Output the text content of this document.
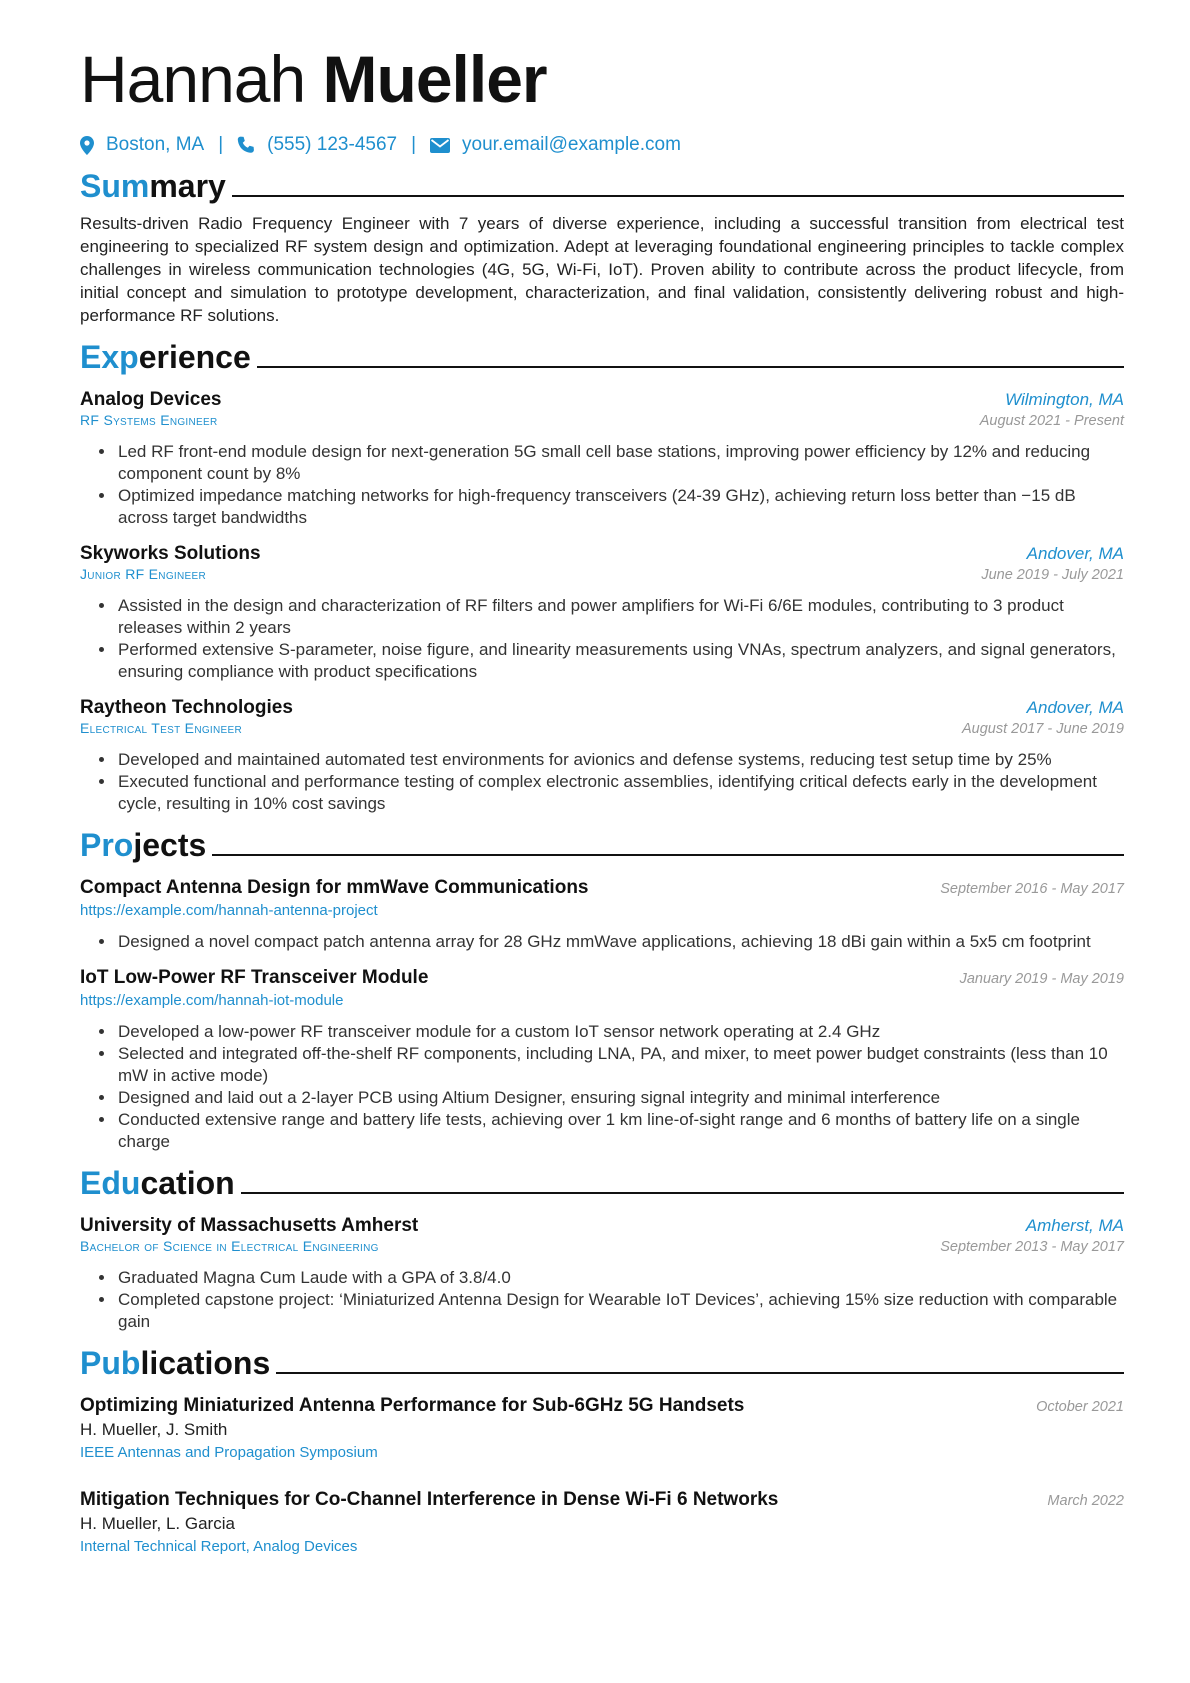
Hannah Mueller
Boston, MA | (555) 123-4567 | your.email@example.com
Summary

Results-driven Radio Frequency Engineer with 7 years of diverse experience, including a successful transition from electrical test engineering to specialized RF system design and optimization. Adept at leveraging foundational engineering principles to tackle complex challenges in wireless communication technologies (4G, 5G, Wi-Fi, IoT). Proven ability to contribute across the product lifecycle, from initial concept and simulation to prototype development, characterization, and final validation, consistently delivering robust and high-performance RF solutions.

Experience
Analog Devices	Wilmington, MA
RF Systems Engineer	August 2021 - Present
• Led RF front-end module design for next-generation 5G small cell base stations, improving power efficiency by 12% and reducing component count by 8%
• Optimized impedance matching networks for high-frequency transceivers (24-39 GHz), achieving return loss better than −15 dB across target bandwidths
Skyworks Solutions	Andover, MA
Junior RF Engineer	June 2019 - July 2021
• Assisted in the design and characterization of RF filters and power amplifiers for Wi-Fi 6/6E modules, contributing to 3 product releases within 2 years
• Performed extensive S-parameter, noise figure, and linearity measurements using VNAs, spectrum analyzers, and signal generators, ensuring compliance with product specifications
Raytheon Technologies	Andover, MA
Electrical Test Engineer	August 2017 - June 2019
• Developed and maintained automated test environments for avionics and defense systems, reducing test setup time by 25%
• Executed functional and performance testing of complex electronic assemblies, identifying critical defects early in the development cycle, resulting in 10% cost savings
Projects
Compact Antenna Design for mmWave Communications	September 2016 - May 2017
https://example.com/hannah-antenna-project
• Designed a novel compact patch antenna array for 28 GHz mmWave applications, achieving 18 dBi gain within a 5x5 cm footprint
IoT Low-Power RF Transceiver Module	January 2019 - May 2019
https://example.com/hannah-iot-module
• Developed a low-power RF transceiver module for a custom IoT sensor network operating at 2.4 GHz
• Selected and integrated off-the-shelf RF components, including LNA, PA, and mixer, to meet power budget constraints (less than 10 mW in active mode)
• Designed and laid out a 2-layer PCB using Altium Designer, ensuring signal integrity and minimal interference
• Conducted extensive range and battery life tests, achieving over 1 km line-of-sight range and 6 months of battery life on a single charge
Education
University of Massachusetts Amherst	Amherst, MA
Bachelor of Science in Electrical Engineering	September 2013 - May 2017
• Graduated Magna Cum Laude with a GPA of 3.8/4.0
• Completed capstone project: ‘Miniaturized Antenna Design for Wearable IoT Devices’, achieving 15% size reduction with comparable gain
Publications
Optimizing Miniaturized Antenna Performance for Sub-6GHz 5G Handsets	October 2021
H. Mueller, J. Smith
IEEE Antennas and Propagation Symposium
Mitigation Techniques for Co-Channel Interference in Dense Wi-Fi 6 Networks	March 2022
H. Mueller, L. Garcia
Internal Technical Report, Analog Devices
